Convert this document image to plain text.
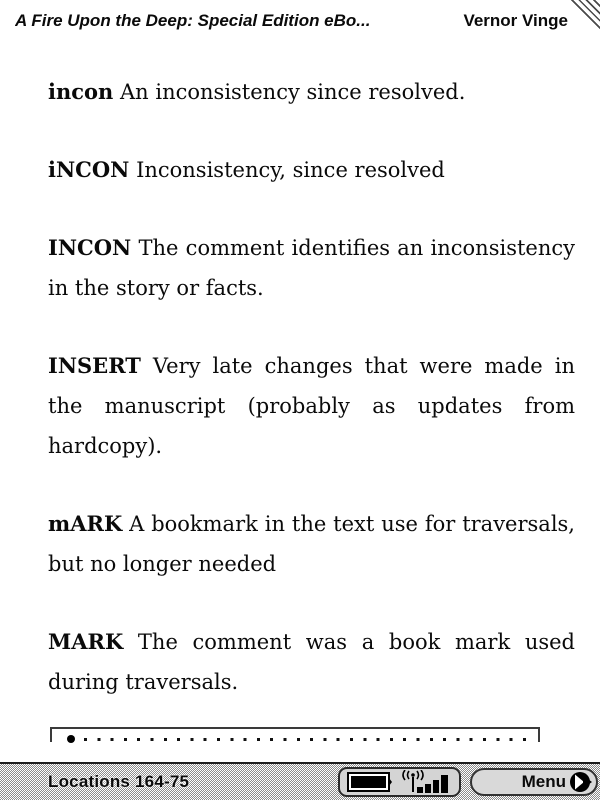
A Fire Upon the Deep: Special Edition eBo...	Vernor Vinge

incon An inconsistency since resolved.

iNCON Inconsistency, since resolved

INCON The comment identifies an inconsistency in the story or facts.

INSERT Very late changes that were made in the manuscript (probably as updates from hardcopy).

mARK A bookmark in the text use for traversals, but no longer needed

MARK The comment was a book mark used during traversals.

Locations 164-75	Menu
